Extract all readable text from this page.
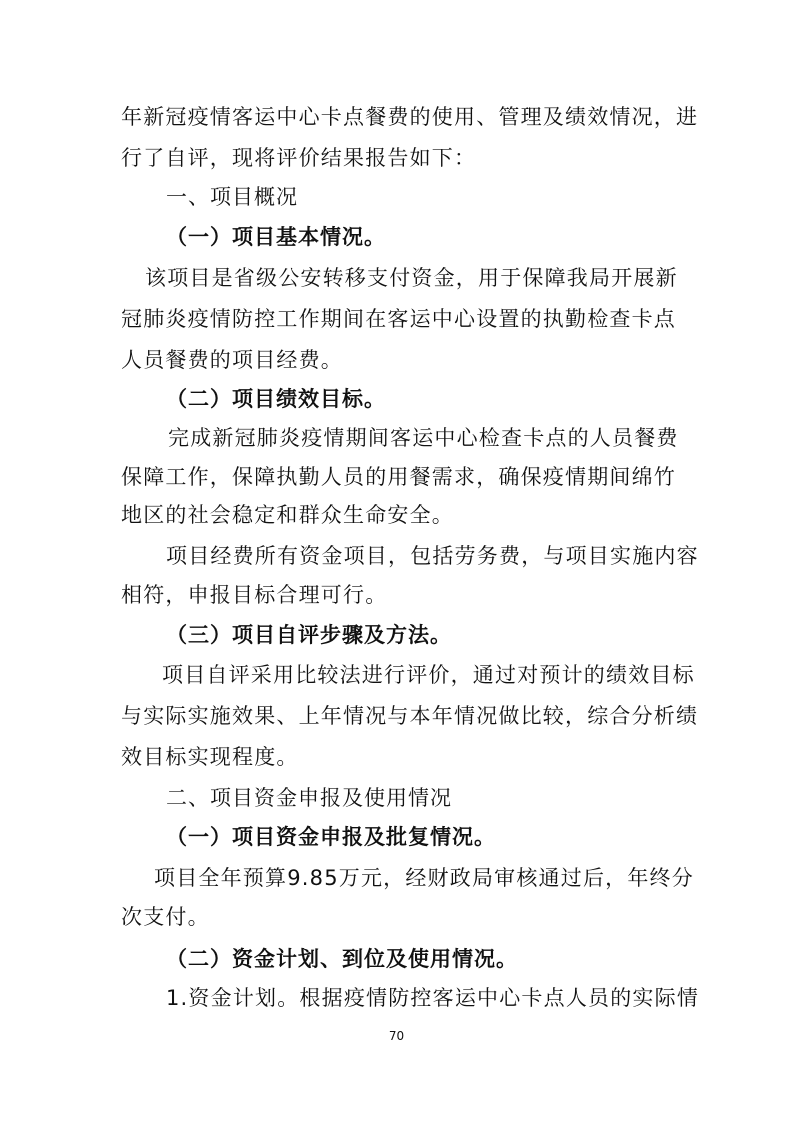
年新冠疫情客运中心卡点餐费的使用、管理及绩效情况，进
行了自评，现将评价结果报告如下：
一、项目概况
（一）项目基本情况。
该项目是省级公安转移支付资金，用于保障我局开展新
冠肺炎疫情防控工作期间在客运中心设置的执勤检查卡点
人员餐费的项目经费。
（二）项目绩效目标。
完成新冠肺炎疫情期间客运中心检查卡点的人员餐费
保障工作，保障执勤人员的用餐需求，确保疫情期间绵竹
地区的社会稳定和群众生命安全。
项目经费所有资金项目，包括劳务费，与项目实施内容
相符，申报目标合理可行。
（三）项目自评步骤及方法。
项目自评采用比较法进行评价，通过对预计的绩效目标
与实际实施效果、上年情况与本年情况做比较，综合分析绩
效目标实现程度。
二、项目资金申报及使用情况
（一）项目资金申报及批复情况。
项目全年预算9.85万元，经财政局审核通过后，年终分
次支付。
（二）资金计划、到位及使用情况。
1.资金计划。根据疫情防控客运中心卡点人员的实际情
70
